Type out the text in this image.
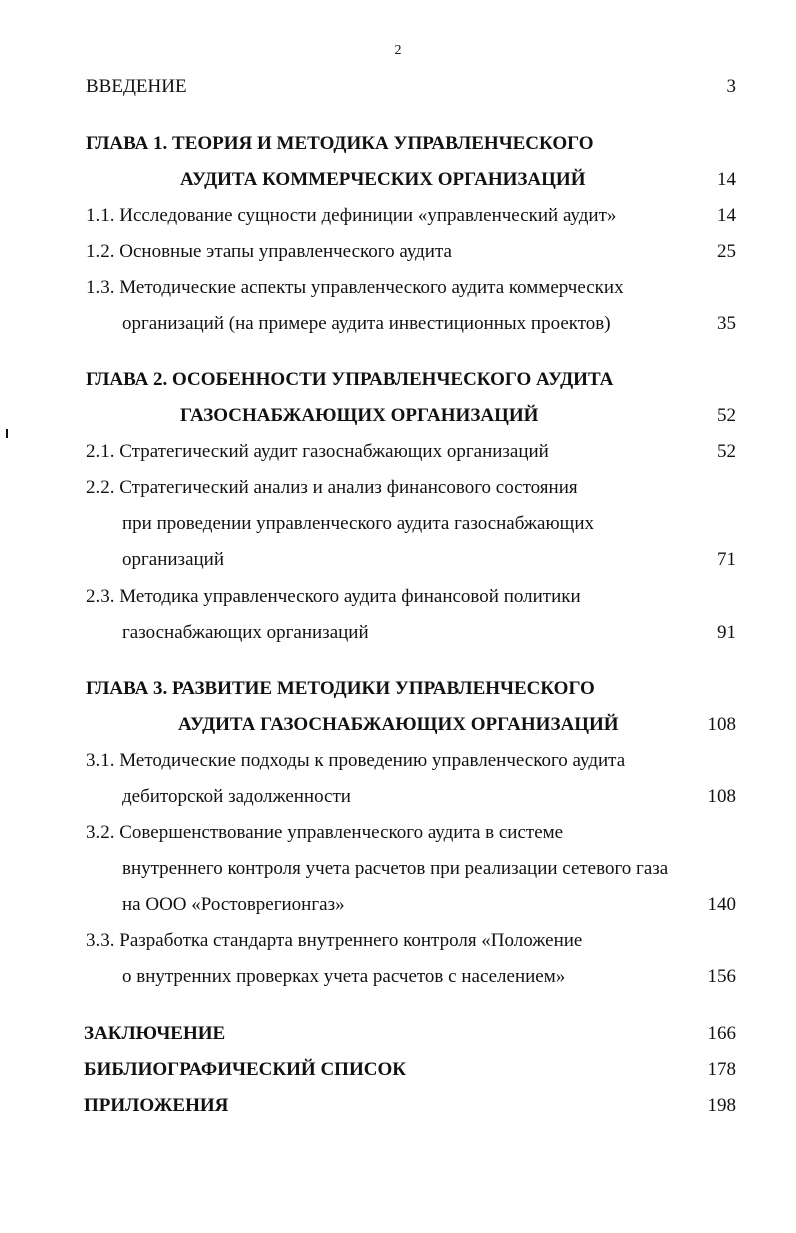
2
ВВЕДЕНИЕ	3
ГЛАВА 1. ТЕОРИЯ И МЕТОДИКА УПРАВЛЕНЧЕСКОГО
АУДИТА КОММЕРЧЕСКИХ ОРГАНИЗАЦИЙ	14
1.1. Исследование сущности дефиниции «управленческий аудит»	14
1.2. Основные этапы управленческого аудита	25
1.3. Методические аспекты управленческого аудита коммерческих
организаций (на примере аудита инвестиционных проектов)	35
ГЛАВА 2. ОСОБЕННОСТИ УПРАВЛЕНЧЕСКОГО АУДИТА
ГАЗОСНАБЖАЮЩИХ ОРГАНИЗАЦИЙ	52
2.1. Стратегический аудит газоснабжающих организаций	52
2.2. Стратегический анализ и анализ финансового состояния
при проведении управленческого аудита газоснабжающих
организаций	71
2.3. Методика управленческого аудита финансовой политики
газоснабжающих организаций	91
ГЛАВА 3. РАЗВИТИЕ МЕТОДИКИ УПРАВЛЕНЧЕСКОГО
АУДИТА ГАЗОСНАБЖАЮЩИХ ОРГАНИЗАЦИЙ	108
3.1. Методические подходы к проведению управленческого аудита
дебиторской задолженности	108
3.2. Совершенствование управленческого аудита в системе
внутреннего контроля учета расчетов при реализации сетевого газа
на ООО «Ростоврегионгаз»	140
3.3. Разработка стандарта внутреннего контроля «Положение
о внутренних проверках учета расчетов с населением»	156
ЗАКЛЮЧЕНИЕ	166
БИБЛИОГРАФИЧЕСКИЙ СПИСОК	178
ПРИЛОЖЕНИЯ	198
